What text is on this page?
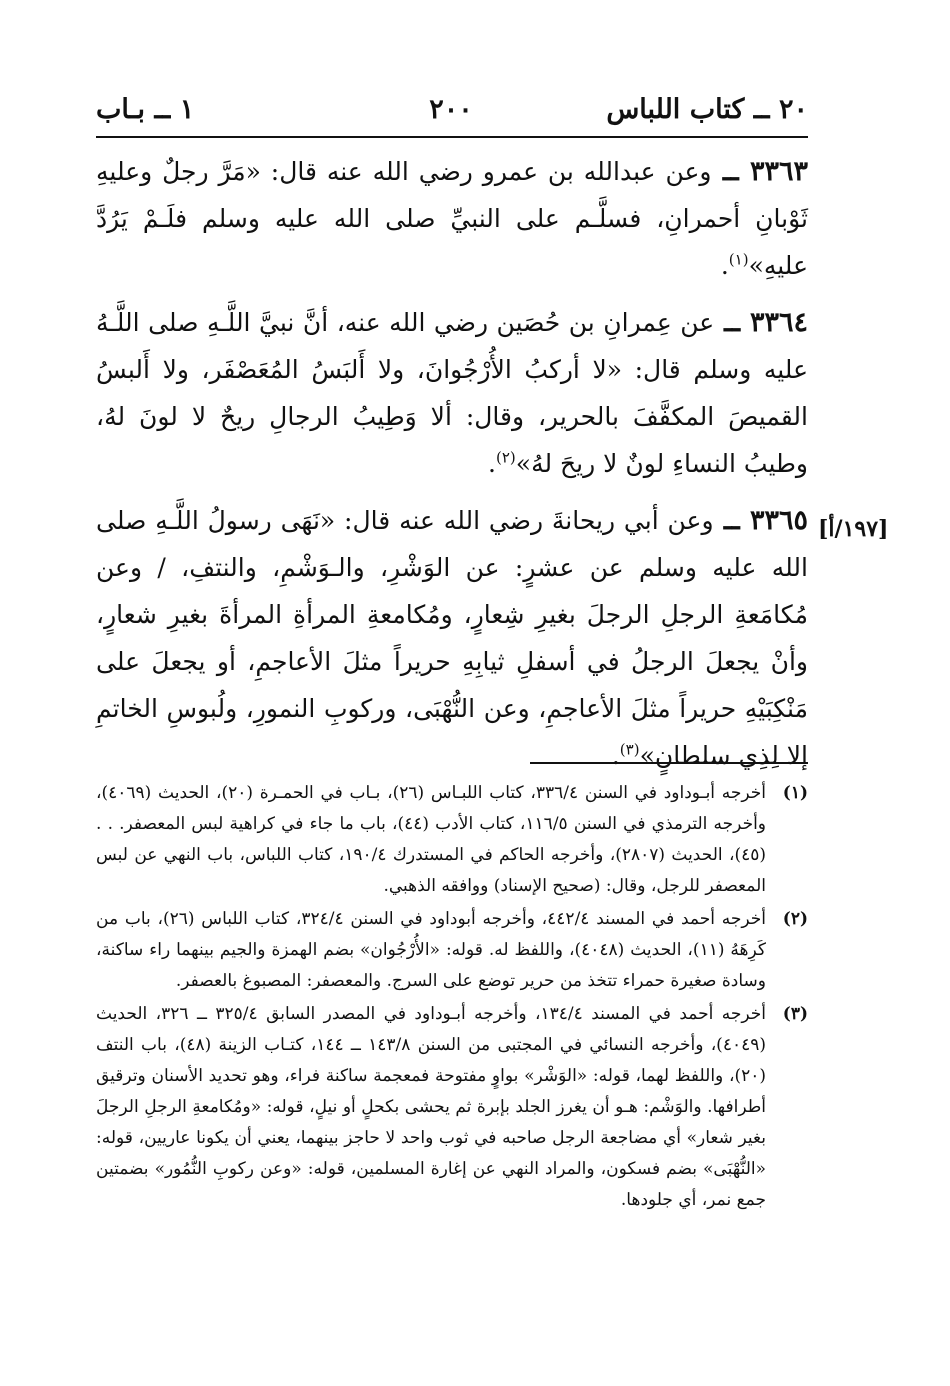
٢٠ ــ كتاب اللباس
٢٠٠
١ ــ بـاب

٣٣٦٣ ــ وعن عبدالله بن عمرو رضي الله عنه قال: «مَرَّ رجلٌ وعليهِ ثَوْبانِ أحمرانِ، فسلَّـم على النبيِّ صلى الله عليه وسلم فلَـمْ يَرُدَّ عليهِ»$^{(١)}$.

٣٣٦٤ ــ عن عِمرانِ بن حُصَين رضي الله عنه، أنَّ نبيَّ اللَّـهِ صلى اللَّـهُ عليه وسلم قال: «لا أركبُ الأُرْجُوانَ، ولا أَلبَسُ المُعَصْفَر، ولا أَلبسُ القميصَ المكفَّفَ بالحرير، وقال: ألا وَطِيبُ الرجالِ ريحٌ لا لونَ لهُ، وطيبُ النساءِ لونٌ لا ريحَ لهُ»$^{(٢)}$.

٣٣٦٥ ــ وعن أبي ريحانةَ رضي الله عنه قال: «نَهَى رسولُ اللَّـهِ صلى الله عليه وسلم عن عشرٍ: عن الوَشْرِ، والـوَشْمِ، والنتفِ، / وعن مُكامَعةِ الرجلِ الرجلَ بغيرِ شِعارٍ، ومُكامعةِ المرأةِ المرأةَ بغيرِ شعارٍ، وأنْ يجعلَ الرجلُ في أسفلِ ثيابِهِ حريراً مثلَ الأعاجمِ، أو يجعلَ على مَنْكِبَيْهِ حريراً مثلَ الأعاجمِ، وعن النُّهْبَى، وركوبِ النمورِ، ولُبوسِ الخاتمِ إلا لِذِي سلطانٍ»$^{(٣)}$.

[١٩٧/أ]

(١)
أخرجه أبـوداود في السنن ٣٣٦/٤، كتاب اللبـاس (٢٦)، بـاب في الحمـرة (٢٠)، الحديث (٤٠٦٩)، وأخرجه الترمذي في السنن ١١٦/٥، كتاب الأدب (٤٤)، باب ما جاء في كراهية لبس المعصفر. . . (٤٥)، الحديث (٢٨٠٧)، وأخرجه الحاكم في المستدرك ١٩٠/٤، كتاب اللباس، باب النهي عن لبس المعصفر للرجل، وقال: (صحيح الإسناد) ووافقه الذهبي.

(٢)
أخرجه أحمد في المسند ٤٤٢/٤، وأخرجه أبوداود في السنن ٣٢٤/٤، كتاب اللباس (٢٦)، باب من كَرِهَهُ (١١)، الحديث (٤٠٤٨)، واللفظ له. قوله: «الأُرْجُوان» بضم الهمزة والجيم بينهما راء ساكنة، وسادة صغيرة حمراء تتخذ من حرير توضع على السرج. والمعصفر: المصبوغ بالعصفر.

(٣)
أخرجه أحمد في المسند ١٣٤/٤، وأخرجه أبـوداود في المصدر السابق ٣٢٥/٤ ــ ٣٢٦، الحديث (٤٠٤٩)، وأخرجه النسائي في المجتبى من السنن ١٤٣/٨ ــ ١٤٤، كتـاب الزينة (٤٨)، باب النتف (٢٠)، واللفظ لهما، قوله: «الوَشْر» بواوٍ مفتوحة فمعجمة ساكنة فراء، وهو تحديد الأسنان وترقيق أطرافها. والوَشْم: هـو أن يغرز الجلد بإبرة ثم يحشى بكحلٍ أو نيلٍ، قوله: «ومُكامعةِ الرجلِ الرجلَ بغير شعار» أي مضاجعة الرجل صاحبه في ثوب واحد لا حاجز بينهما، يعني أن يكونا عاريين، قوله: «النُّهْبَى» بضم فسكون، والمراد النهي عن إغارة المسلمين، قوله: «وعن ركوبِ النُّمُور» بضمتين جمع نمر، أي جلودها.
